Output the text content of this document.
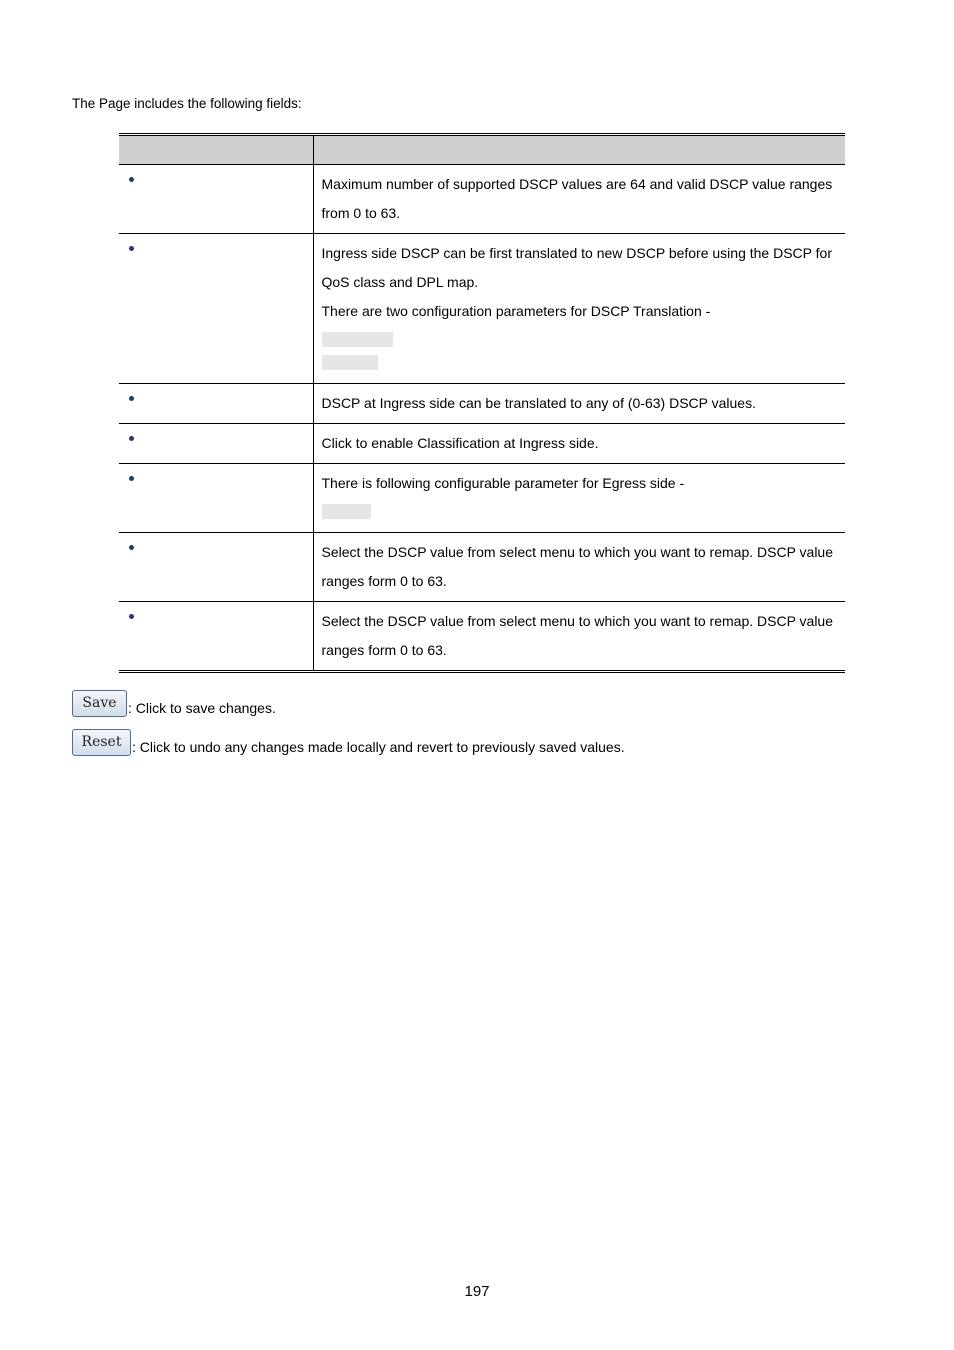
The Page includes the following fields:

	Maximum number of supported DSCP values are 64 and valid DSCP value ranges from 0 to 63.

	Ingress side DSCP can be first translated to new DSCP before using the DSCP for QoS class and DPL map.

There are two configuration parameters for DSCP Translation -

	DSCP at Ingress side can be translated to any of (0-63) DSCP values.

	Click to enable Classification at Ingress side.

	There is following configurable parameter for Egress side -

	Select the DSCP value from select menu to which you want to remap. DSCP value ranges form 0 to 63.

	Select the DSCP value from select menu to which you want to remap. DSCP value ranges form 0 to 63.

Save : Click to save changes.
Reset : Click to undo any changes made locally and revert to previously saved values.
197
